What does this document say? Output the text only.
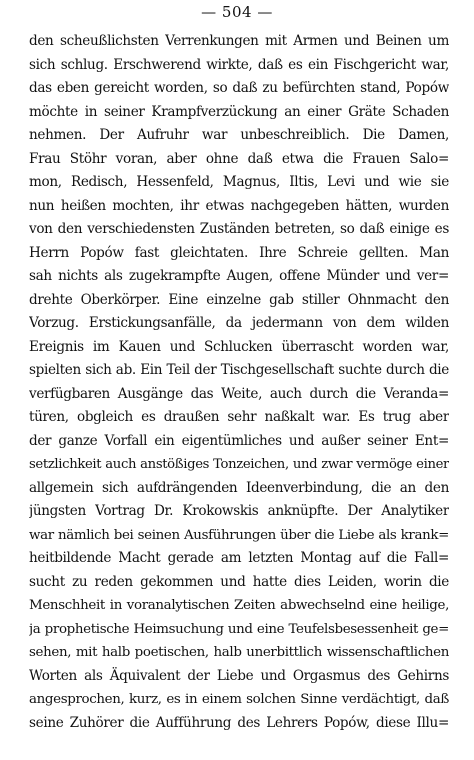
— 504 —
den scheußlichsten Verrenkungen mit Armen und Beinen um
sich schlug. Erschwerend wirkte, daß es ein Fischgericht war,
das eben gereicht worden, so daß zu befürchten stand, Popów
möchte in seiner Krampfverzückung an einer Gräte Schaden
nehmen. Der Aufruhr war unbeschreiblich. Die Damen,
Frau Stöhr voran, aber ohne daß etwa die Frauen Salo=
mon, Redisch, Hessenfeld, Magnus, Iltis, Levi und wie sie
nun heißen mochten, ihr etwas nachgegeben hätten, wurden
von den verschiedensten Zuständen betreten, so daß einige es
Herrn Popów fast gleichtaten. Ihre Schreie gellten. Man
sah nichts als zugekrampfte Augen, offene Münder und ver=
drehte Oberkörper. Eine einzelne gab stiller Ohnmacht den
Vorzug. Erstickungsanfälle, da jedermann von dem wilden
Ereignis im Kauen und Schlucken überrascht worden war,
spielten sich ab. Ein Teil der Tischgesellschaft suchte durch die
verfügbaren Ausgänge das Weite, auch durch die Veranda=
türen, obgleich es draußen sehr naßkalt war. Es trug aber
der ganze Vorfall ein eigentümliches und außer seiner Ent=
setzlichkeit auch anstößiges Tonzeichen, und zwar vermöge einer
allgemein sich aufdrängenden Ideenverbindung, die an den
jüngsten Vortrag Dr. Krokowskis anknüpfte. Der Analytiker
war nämlich bei seinen Ausführungen über die Liebe als krank=
heitbildende Macht gerade am letzten Montag auf die Fall=
sucht zu reden gekommen und hatte dies Leiden, worin die
Menschheit in voranalytischen Zeiten abwechselnd eine heilige,
ja prophetische Heimsuchung und eine Teufelsbesessenheit ge=
sehen, mit halb poetischen, halb unerbittlich wissenschaftlichen
Worten als Äquivalent der Liebe und Orgasmus des Gehirns
angesprochen, kurz, es in einem solchen Sinne verdächtigt, daß
seine Zuhörer die Aufführung des Lehrers Popów, diese Illu=
